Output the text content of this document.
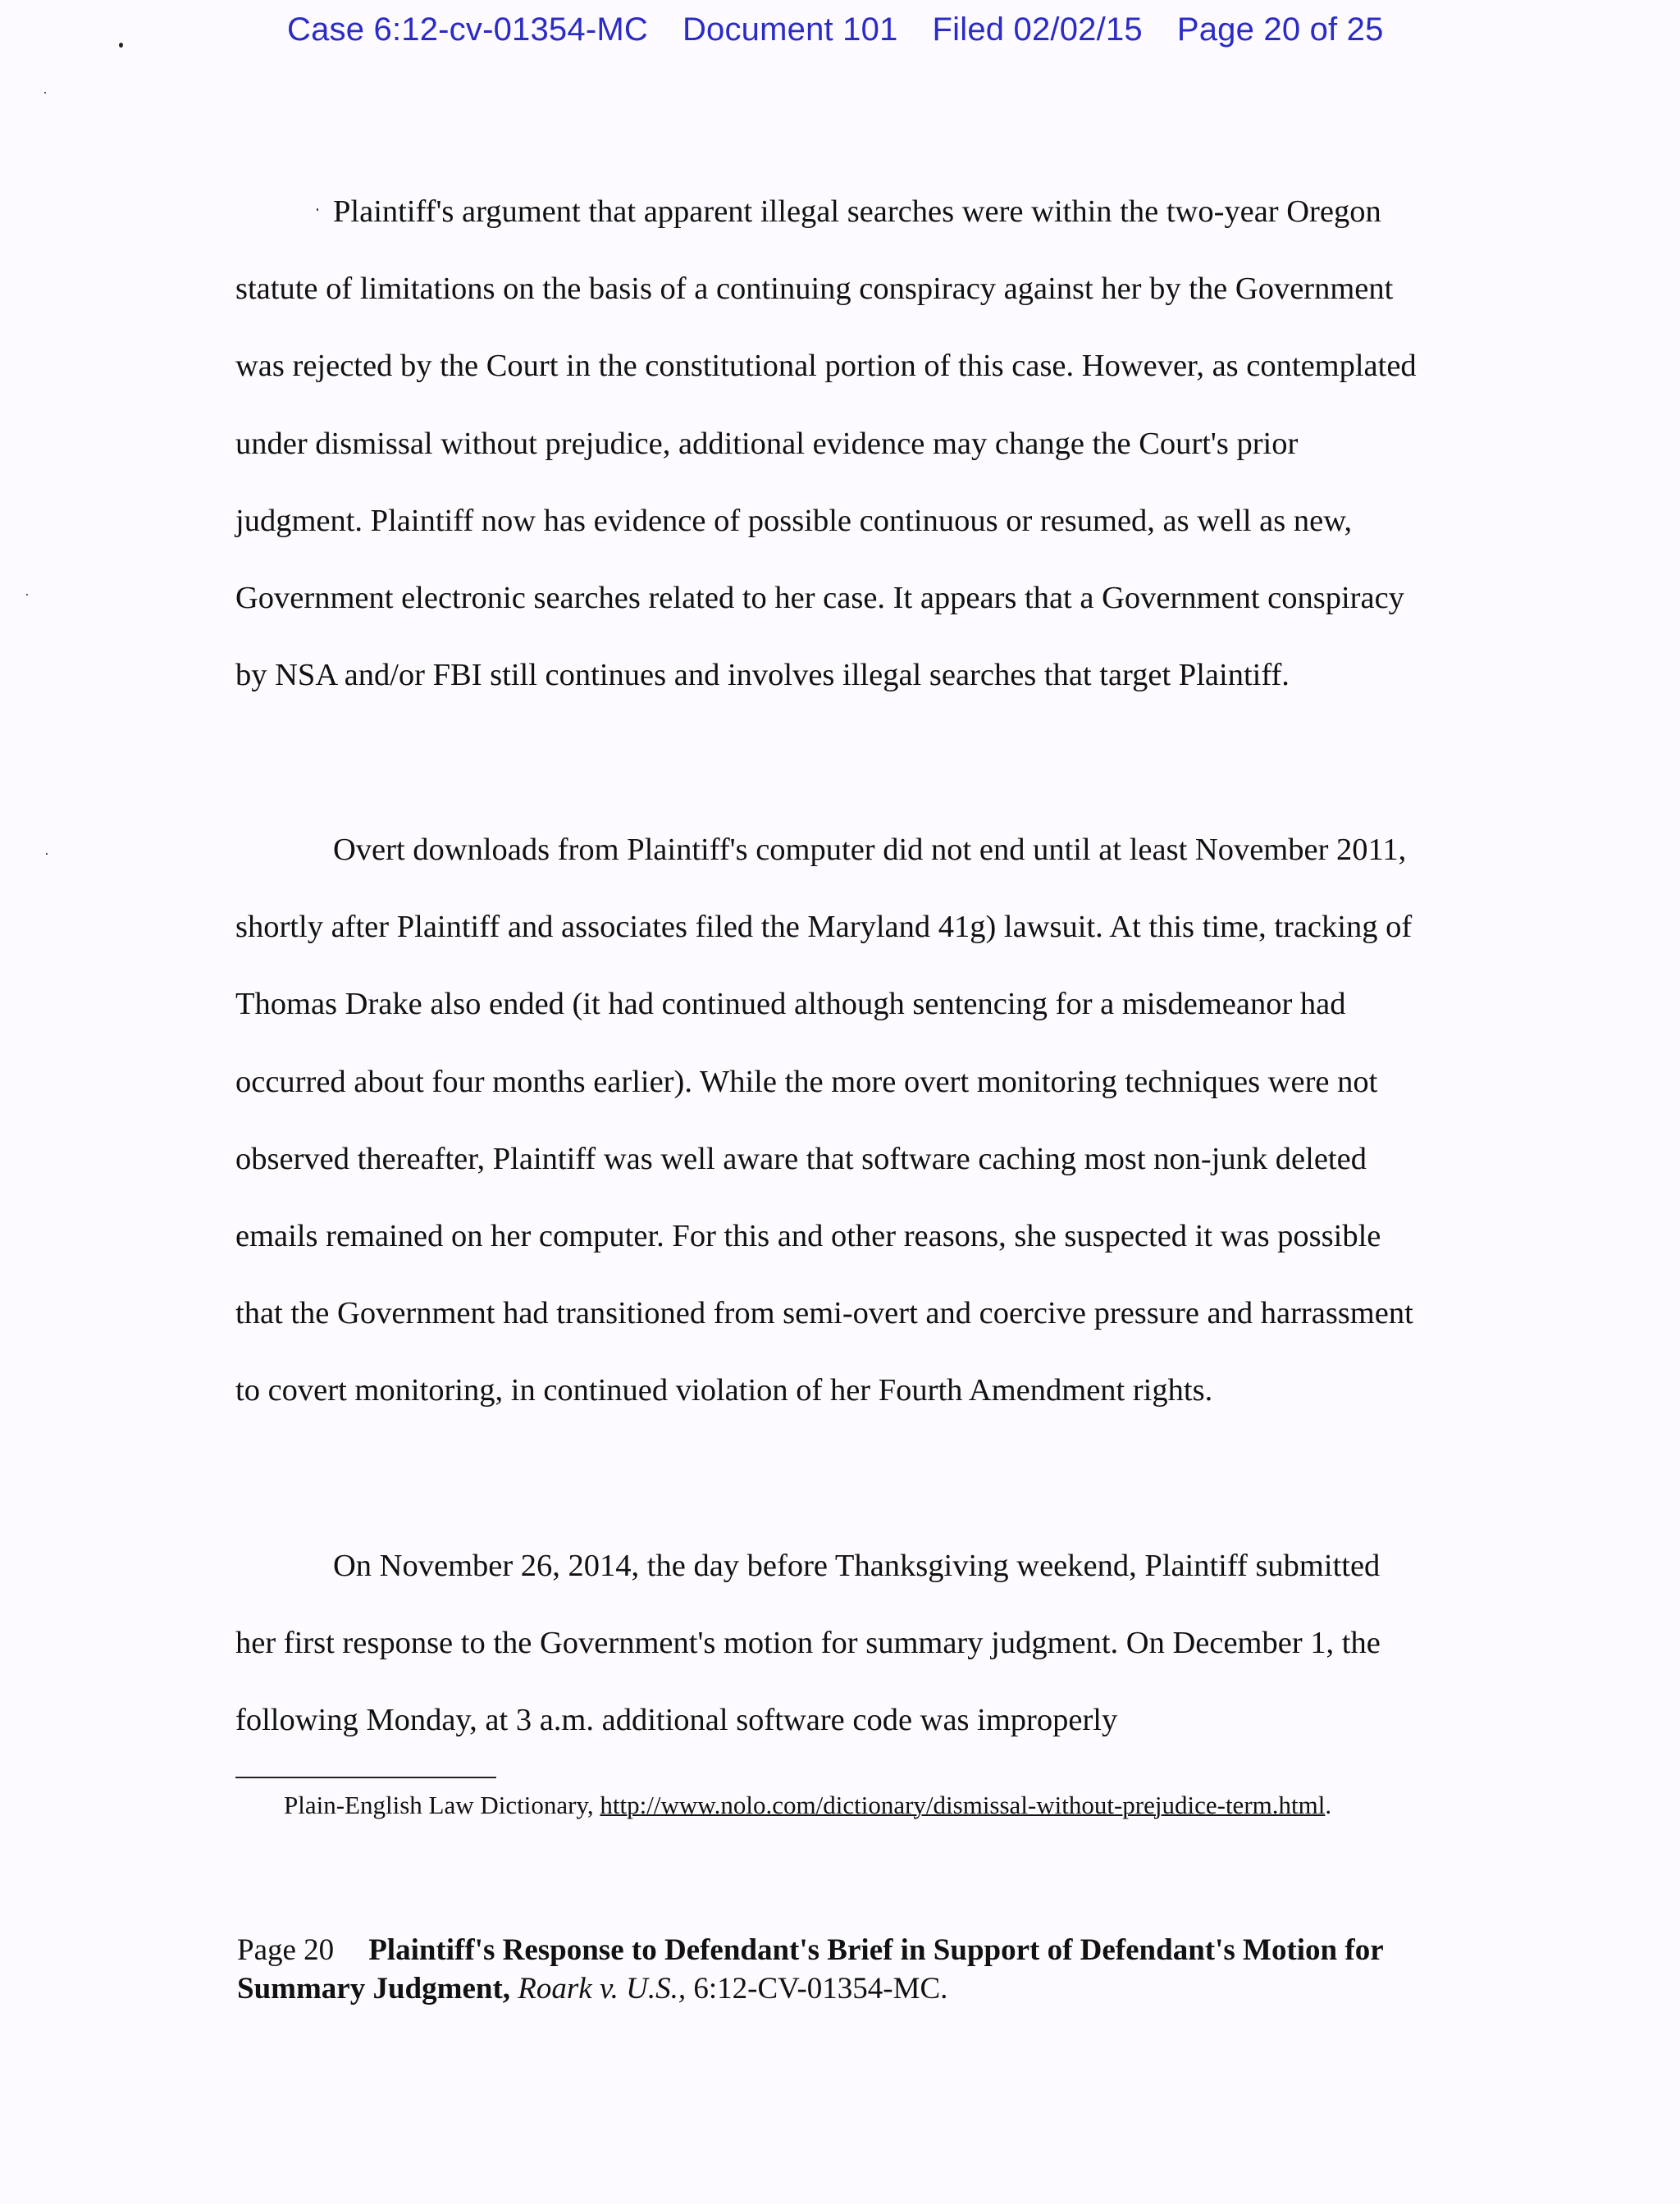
Case 6:12-cv-01354-MC Document 101 Filed 02/02/15 Page 20 of 25

Plaintiff's argument that apparent illegal searches were within the two-year Oregon statute of limitations on the basis of a continuing conspiracy against her by the Government was rejected by the Court in the constitutional portion of this case. However, as contemplated under dismissal without prejudice, additional evidence may change the Court's prior judgment. Plaintiff now has evidence of possible continuous or resumed, as well as new, Government electronic searches related to her case. It appears that a Government conspiracy by NSA and/or FBI still continues and involves illegal searches that target Plaintiff.

Overt downloads from Plaintiff's computer did not end until at least November 2011, shortly after Plaintiff and associates filed the Maryland 41g) lawsuit. At this time, tracking of Thomas Drake also ended (it had continued although sentencing for a misdemeanor had occurred about four months earlier). While the more overt monitoring techniques were not observed thereafter, Plaintiff was well aware that software caching most non-junk deleted emails remained on her computer. For this and other reasons, she suspected it was possible that the Government had transitioned from semi-overt and coercive pressure and harrassment to covert monitoring, in continued violation of her Fourth Amendment rights.

On November 26, 2014, the day before Thanksgiving weekend, Plaintiff submitted her first response to the Government's motion for summary judgment. On December 1, the following Monday, at 3 a.m. additional software code was improperly

Plain-English Law Dictionary, http://www.nolo.com/dictionary/dismissal-without-prejudice-term.html.
Page 20 Plaintiff's Response to Defendant's Brief in Support of Defendant's Motion for Summary Judgment, Roark v. U.S., 6:12-CV-01354-MC.
